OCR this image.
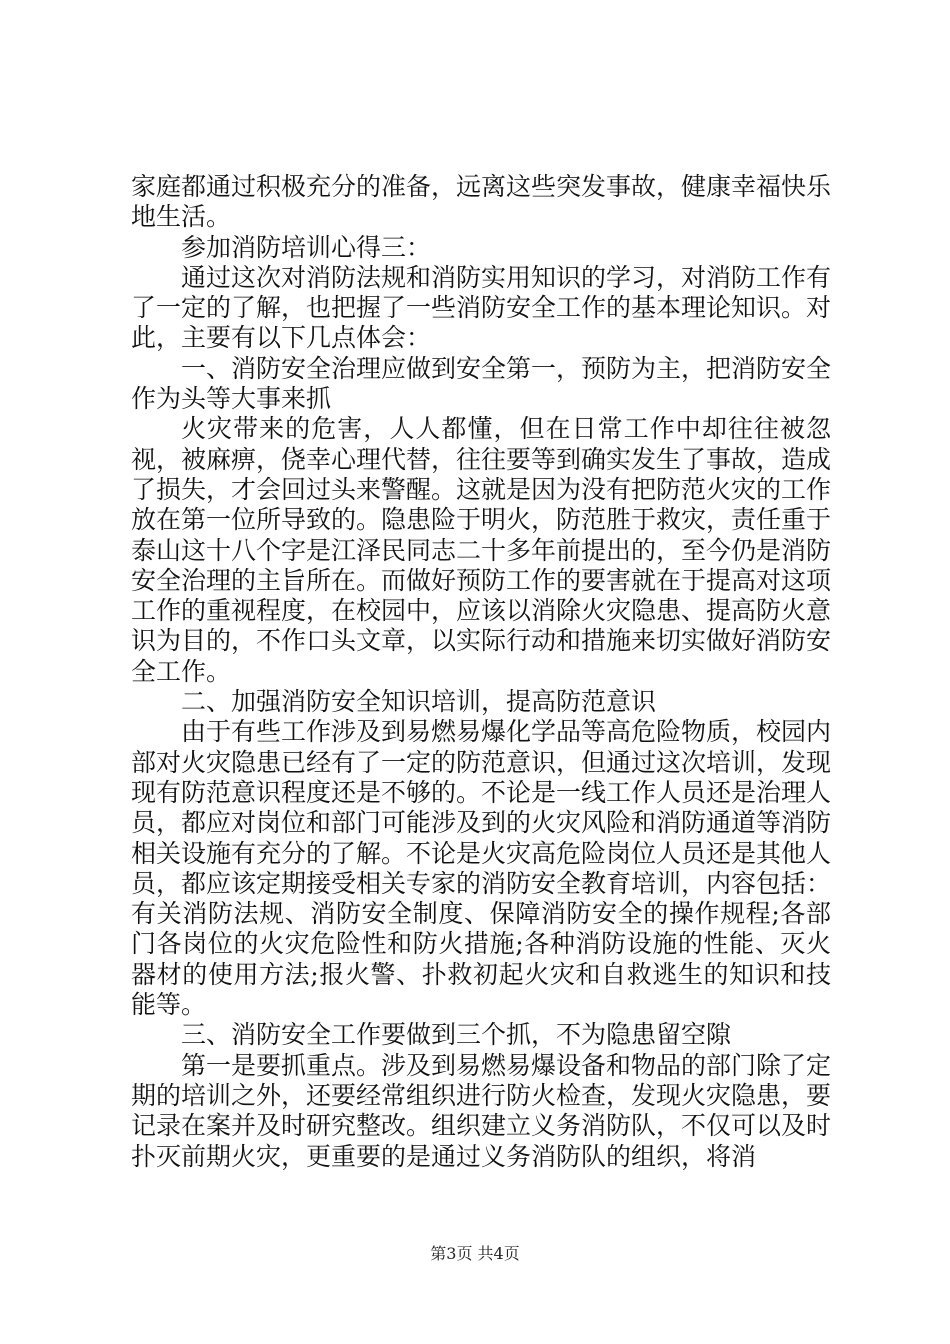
家庭都通过积极充分的准备，远离这些突发事故，健康幸福快乐地生活。

参加消防培训心得三：

通过这次对消防法规和消防实用知识的学习，对消防工作有了一定的了解，也把握了一些消防安全工作的基本理论知识。对此，主要有以下几点体会：

一、消防安全治理应做到安全第一，预防为主，把消防安全作为头等大事来抓

火灾带来的危害，人人都懂，但在日常工作中却往往被忽视，被麻痹，侥幸心理代替，往往要等到确实发生了事故，造成了损失，才会回过头来警醒。这就是因为没有把防范火灾的工作放在第一位所导致的。隐患险于明火，防范胜于救灾，责任重于泰山这十八个字是江泽民同志二十多年前提出的，至今仍是消防安全治理的主旨所在。而做好预防工作的要害就在于提高对这项工作的重视程度，在校园中，应该以消除火灾隐患、提高防火意识为目的，不作口头文章，以实际行动和措施来切实做好消防安全工作。

二、加强消防安全知识培训，提高防范意识

由于有些工作涉及到易燃易爆化学品等高危险物质，校园内部对火灾隐患已经有了一定的防范意识，但通过这次培训，发现现有防范意识程度还是不够的。不论是一线工作人员还是治理人员，都应对岗位和部门可能涉及到的火灾风险和消防通道等消防相关设施有充分的了解。不论是火灾高危险岗位人员还是其他人员，都应该定期接受相关专家的消防安全教育培训，内容包括：有关消防法规、消防安全制度、保障消防安全的操作规程;各部门各岗位的火灾危险性和防火措施;各种消防设施的性能、灭火器材的使用方法;报火警、扑救初起火灾和自救逃生的知识和技能等。

三、消防安全工作要做到三个抓，不为隐患留空隙

第一是要抓重点。涉及到易燃易爆设备和物品的部门除了定期的培训之外，还要经常组织进行防火检查，发现火灾隐患，要记录在案并及时研究整改。组织建立义务消防队，不仅可以及时扑灭前期火灾，更重要的是通过义务消防队的组织，将消

第3页 共4页
